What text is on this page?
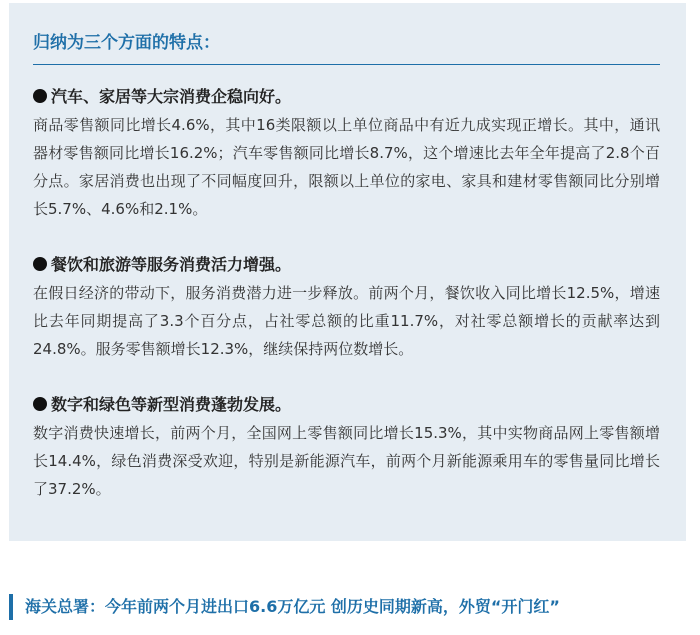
归纳为三个方面的特点：

汽车、家居等大宗消费企稳向好。

商品零售额同比增长4.6%，其中16类限额以上单位商品中有近九成实现正增长。其中，通讯器材零售额同比增长16.2%；汽车零售额同比增长8.7%，这个增速比去年全年提高了2.8个百分点。家居消费也出现了不同幅度回升，限额以上单位的家电、家具和建材零售额同比分别增长5.7%、4.6%和2.1%。

餐饮和旅游等服务消费活力增强。

在假日经济的带动下，服务消费潜力进一步释放。前两个月，餐饮收入同比增长12.5%，增速比去年同期提高了3.3个百分点，占社零总额的比重11.7%，对社零总额增长的贡献率达到24.8%。服务零售额增长12.3%，继续保持两位数增长。

数字和绿色等新型消费蓬勃发展。

数字消费快速增长，前两个月，全国网上零售额同比增长15.3%，其中实物商品网上零售额增长14.4%，绿色消费深受欢迎，特别是新能源汽车，前两个月新能源乘用车的零售量同比增长了37.2%。

海关总署：今年前两个月进出口6.6万亿元 创历史同期新高，外贸“开门红”
